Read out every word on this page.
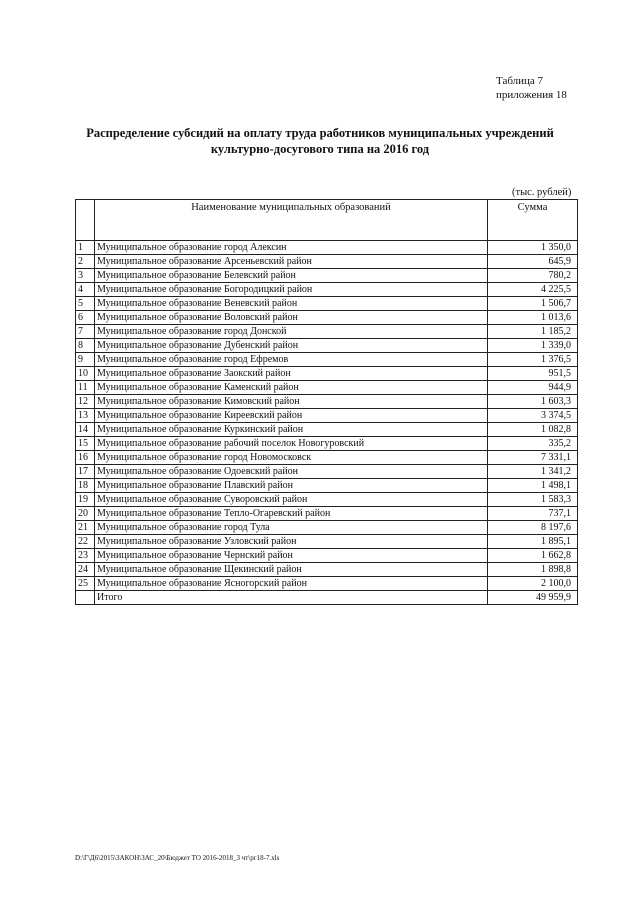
Таблица 7
приложения 18
Распределение субсидий на оплату труда работников муниципальных учреждений
культурно-досугового типа на 2016 год
(тыс. рублей)
	Наименование муниципальных образований	Сумма
1	Муниципальное образование город Алексин	1 350,0
2	Муниципальное образование Арсеньевский район	645,9
3	Муниципальное образование Белевский район	780,2
4	Муниципальное образование Богородицкий район	4 225,5
5	Муниципальное образование Веневский район	1 506,7
6	Муниципальное образование Воловский район	1 013,6
7	Муниципальное образование город Донской	1 185,2
8	Муниципальное образование Дубенский район	1 339,0
9	Муниципальное образование город Ефремов	1 376,5
10	Муниципальное образование Заокский район	951,5
11	Муниципальное образование Каменский район	944,9
12	Муниципальное образование Кимовский район	1 603,3
13	Муниципальное образование Киреевский район	3 374,5
14	Муниципальное образование Куркинский район	1 082,8
15	Муниципальное образование рабочий поселок Новогуровский	335,2
16	Муниципальное образование город Новомосковск	7 331,1
17	Муниципальное образование Одоевский район	1 341,2
18	Муниципальное образование Плавский район	1 498,1
19	Муниципальное образование Суворовский район	1 583,3
20	Муниципальное образование Тепло-Огаревский район	737,1
21	Муниципальное образование город Тула	8 197,6
22	Муниципальное образование Узловский район	1 895,1
23	Муниципальное образование Чернский район	1 662,8
24	Муниципальное образование Щекинский район	1 898,8
25	Муниципальное образование Ясногорский район	2 100,0
	Итого	49 959,9
D:\Г\Д6\2015\ЗАКОН\ЗАС_20\Бюджет ТО 2016-2018_3 чт\рг18-7.xls
